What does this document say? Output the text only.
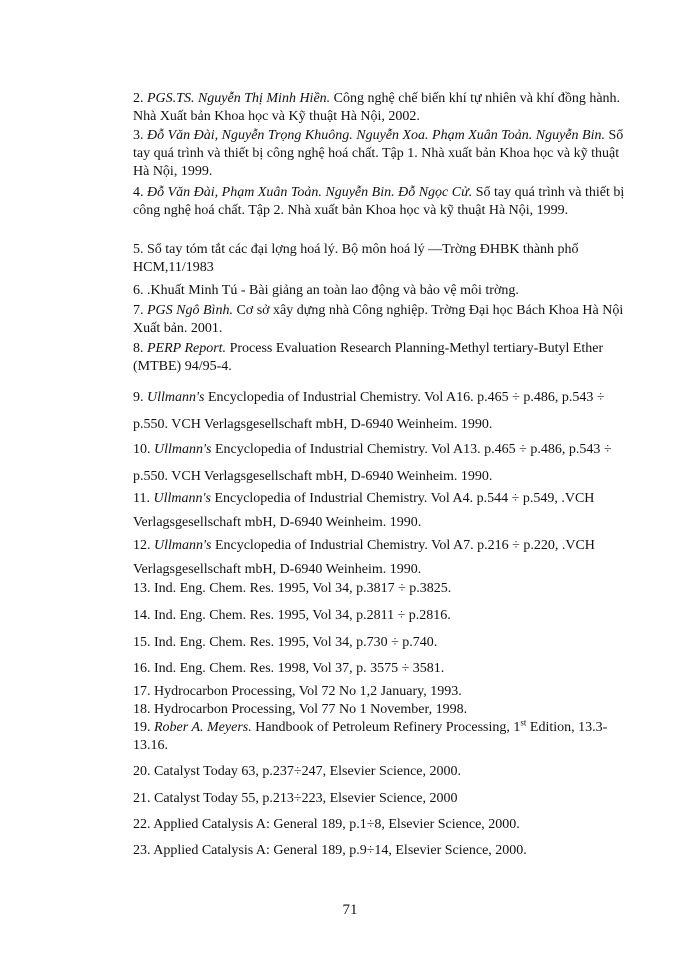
2. PGS.TS. Nguyễn Thị Minh Hiền. Công nghệ chế biến khí tự nhiên và khí đồng hành. Nhà Xuất bản Khoa học và Kỹ thuật Hà Nội, 2002.
3. Đỗ Văn Đài, Nguyễn Trọng Khuông. Nguyễn Xoa. Phạm Xuân Toản. Nguyễn Bin. Sổ tay quá trình và thiết bị công nghệ hoá chất. Tập 1. Nhà xuất bản Khoa học và kỹ thuật Hà Nội, 1999.
4. Đỗ Văn Đài, Phạm Xuân Toản. Nguyễn Bin. Đỗ Ngọc Cử. Sổ tay quá trình và thiết bị công nghệ hoá chất. Tập 2. Nhà xuất bản Khoa học và kỹ thuật Hà Nội, 1999.
5. Sổ tay tóm tắt các đại lợng hoá lý. Bộ môn hoá lý —Trờng ĐHBK thành phố HCM,11/1983
6. .Khuất Minh Tú - Bài giảng an toàn lao động và bảo vệ môi trờng.
7. PGS Ngô Bình. Cơ sở xây dựng nhà Công nghiệp. Trờng Đại học Bách Khoa Hà Nội Xuất bản. 2001.
8. PERP Report. Process Evaluation Research Planning-Methyl tertiary-Butyl Ether (MTBE) 94/95-4.
9. Ullmann's Encyclopedia of Industrial Chemistry. Vol A16. p.465 ÷ p.486, p.543 ÷ p.550. VCH Verlagsgesellschaft mbH, D-6940 Weinheim. 1990.
10. Ullmann's Encyclopedia of Industrial Chemistry. Vol A13. p.465 ÷ p.486, p.543 ÷ p.550. VCH Verlagsgesellschaft mbH, D-6940 Weinheim. 1990.
11. Ullmann's Encyclopedia of Industrial Chemistry. Vol A4. p.544 ÷ p.549, .VCH Verlagsgesellschaft mbH, D-6940 Weinheim. 1990.
12. Ullmann's Encyclopedia of Industrial Chemistry. Vol A7. p.216 ÷ p.220, .VCH Verlagsgesellschaft mbH, D-6940 Weinheim. 1990.
13. Ind. Eng. Chem. Res. 1995, Vol 34, p.3817 ÷ p.3825.
14. Ind. Eng. Chem. Res. 1995, Vol 34, p.2811 ÷ p.2816.
15. Ind. Eng. Chem. Res. 1995, Vol 34, p.730 ÷ p.740.
16. Ind. Eng. Chem. Res. 1998, Vol 37, p. 3575 ÷ 3581.
17. Hydrocarbon Processing, Vol 72 No 1,2 January, 1993.
18. Hydrocarbon Processing, Vol 77 No 1 November, 1998.
19. Rober A. Meyers. Handbook of Petroleum Refinery Processing, 1st Edition, 13.3-13.16.
20. Catalyst Today 63, p.237÷247, Elsevier Science, 2000.
21. Catalyst Today 55, p.213÷223, Elsevier Science, 2000
22. Applied Catalysis A: General 189, p.1÷8, Elsevier Science, 2000.
23. Applied Catalysis A: General 189, p.9÷14, Elsevier Science, 2000.
71
